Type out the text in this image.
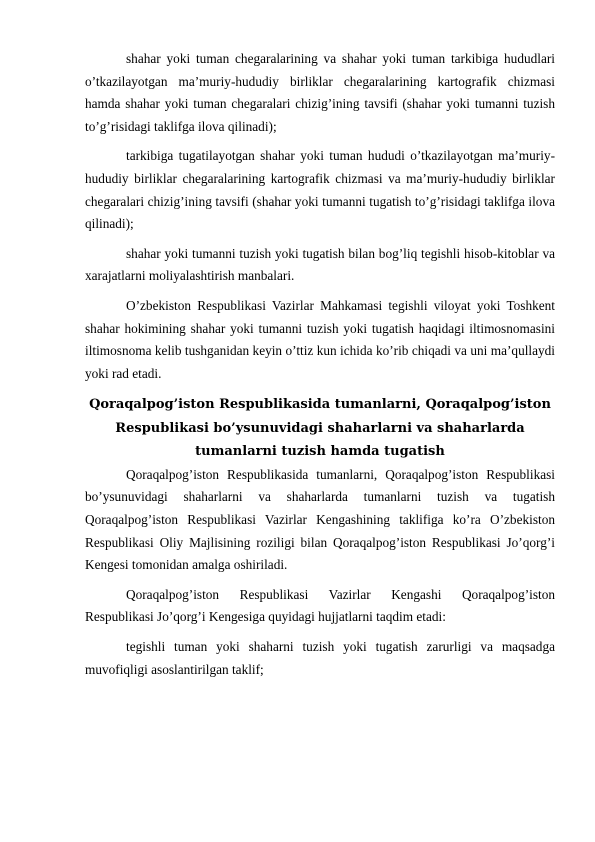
shahar yoki tuman chegaralarining va shahar yoki tuman tarkibiga hududlari o’tkazilayotgan ma’muriy-hududiy birliklar chegaralarining kartografik chizmasi hamda shahar yoki tuman chegaralari chizig’ining tavsifi (shahar yoki tumanni tuzish to’g’risidagi taklifga ilova qilinadi);

tarkibiga tugatilayotgan shahar yoki tuman hududi o’tkazilayotgan ma’muriy-hududiy birliklar chegaralarining kartografik chizmasi va ma’muriy-hududiy birliklar chegaralari chizig’ining tavsifi (shahar yoki tumanni tugatish to’g’risidagi taklifga ilova qilinadi);

shahar yoki tumanni tuzish yoki tugatish bilan bog’liq tegishli hisob-kitoblar va xarajatlarni moliyalashtirish manbalari.

O’zbekiston Respublikasi Vazirlar Mahkamasi tegishli viloyat yoki Toshkent shahar hokimining shahar yoki tumanni tuzish yoki tugatish haqidagi iltimosnomasini iltimosnoma kelib tushganidan keyin o’ttiz kun ichida ko’rib chiqadi va uni ma’qullaydi yoki rad etadi.

Qoraqalpog’iston Respublikasida tumanlarni, Qoraqalpog’iston Respublikasi bo’ysunuvidagi shaharlarni va shaharlarda tumanlarni tuzish hamda tugatish

Qoraqalpog’iston Respublikasida tumanlarni, Qoraqalpog’iston Respublikasi bo’ysunuvidagi shaharlarni va shaharlarda tumanlarni tuzish va tugatish Qoraqalpog’iston Respublikasi Vazirlar Kengashining taklifiga ko’ra O’zbekiston Respublikasi Oliy Majlisining roziligi bilan Qoraqalpog’iston Respublikasi Jo’qorg’i Kengesi tomonidan amalga oshiriladi.

Qoraqalpog’iston Respublikasi Vazirlar Kengashi Qoraqalpog’iston Respublikasi Jo’qorg’i Kengesiga quyidagi hujjatlarni taqdim etadi:

tegishli tuman yoki shaharni tuzish yoki tugatish zarurligi va maqsadga muvofiqligi asoslantirilgan taklif;
